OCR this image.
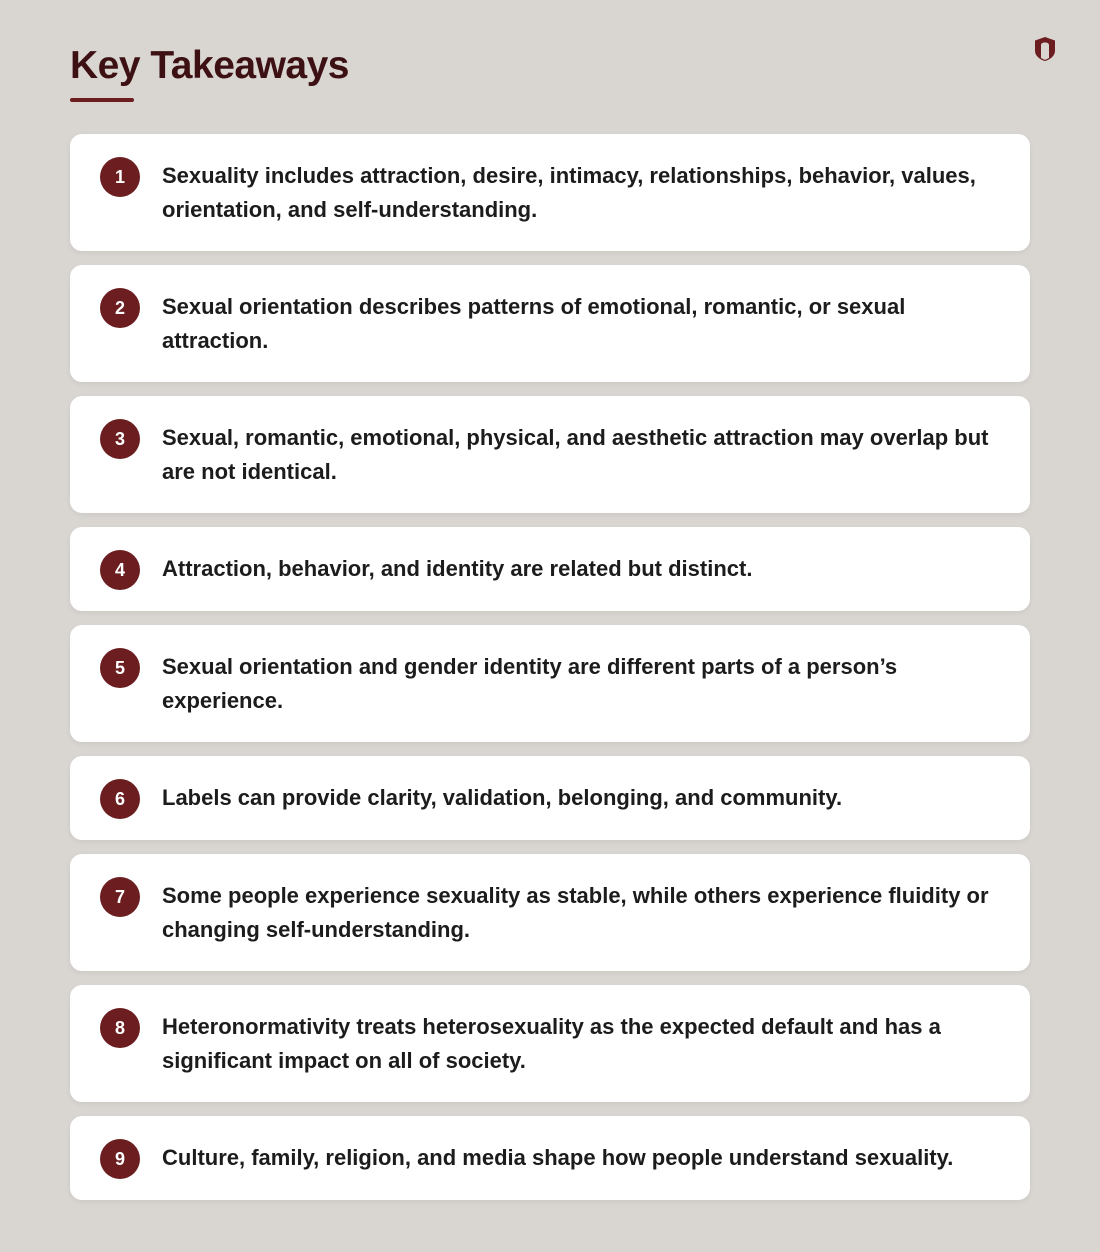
Key Takeaways
1	Sexuality includes attraction, desire, intimacy, relationships, behavior, values, orientation, and self-understanding.
2	Sexual orientation describes patterns of emotional, romantic, or sexual attraction.
3	Sexual, romantic, emotional, physical, and aesthetic attraction may overlap but are not identical.
4	Attraction, behavior, and identity are related but distinct.
5	Sexual orientation and gender identity are different parts of a person’s experience.
6	Labels can provide clarity, validation, belonging, and community.
7	Some people experience sexuality as stable, while others experience fluidity or changing self-understanding.
8	Heteronormativity treats heterosexuality as the expected default and has a significant impact on all of society.
9	Culture, family, religion, and media shape how people understand sexuality.
